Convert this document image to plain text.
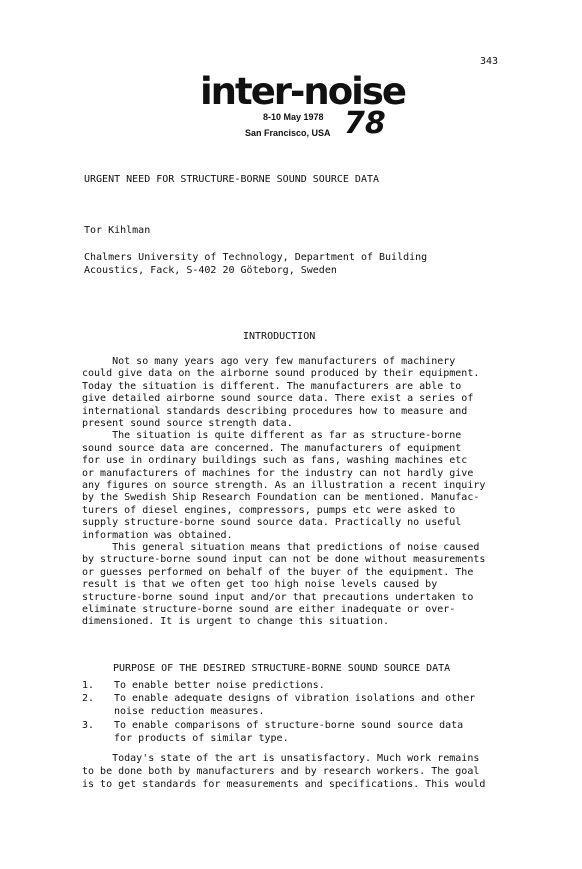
343
inter-noise
8-10 May 1978
San Francisco, USA 78
URGENT NEED FOR STRUCTURE-BORNE SOUND SOURCE DATA
Tor Kihlman
Chalmers University of Technology, Department of Building
Acoustics, Fack, S-402 20 Göteborg, Sweden
INTRODUCTION
Not so many years ago very few manufacturers of machinery
could give data on the airborne sound produced by their equipment.
Today the situation is different. The manufacturers are able to
give detailed airborne sound source data. There exist a series of
international standards describing procedures how to measure and
present sound source strength data.
The situation is quite different as far as structure-borne
sound source data are concerned. The manufacturers of equipment
for use in ordinary buildings such as fans, washing machines etc
or manufacturers of machines for the industry can not hardly give
any figures on source strength. As an illustration a recent inquiry
by the Swedish Ship Research Foundation can be mentioned. Manufac-
turers of diesel engines, compressors, pumps etc were asked to
supply structure-borne sound source data. Practically no useful
information was obtained.
This general situation means that predictions of noise caused
by structure-borne sound input can not be done without measurements
or guesses performed on behalf of the buyer of the equipment. The
result is that we often get too high noise levels caused by
structure-borne sound input and/or that precautions undertaken to
eliminate structure-borne sound are either inadequate or over-
dimensioned. It is urgent to change this situation.
PURPOSE OF THE DESIRED STRUCTURE-BORNE SOUND SOURCE DATA
1. To enable better noise predictions.
2. To enable adequate designs of vibration isolations and other
noise reduction measures.
3. To enable comparisons of structure-borne sound source data
for products of similar type.
Today's state of the art is unsatisfactory. Much work remains
to be done both by manufacturers and by research workers. The goal
is to get standards for measurements and specifications. This would
